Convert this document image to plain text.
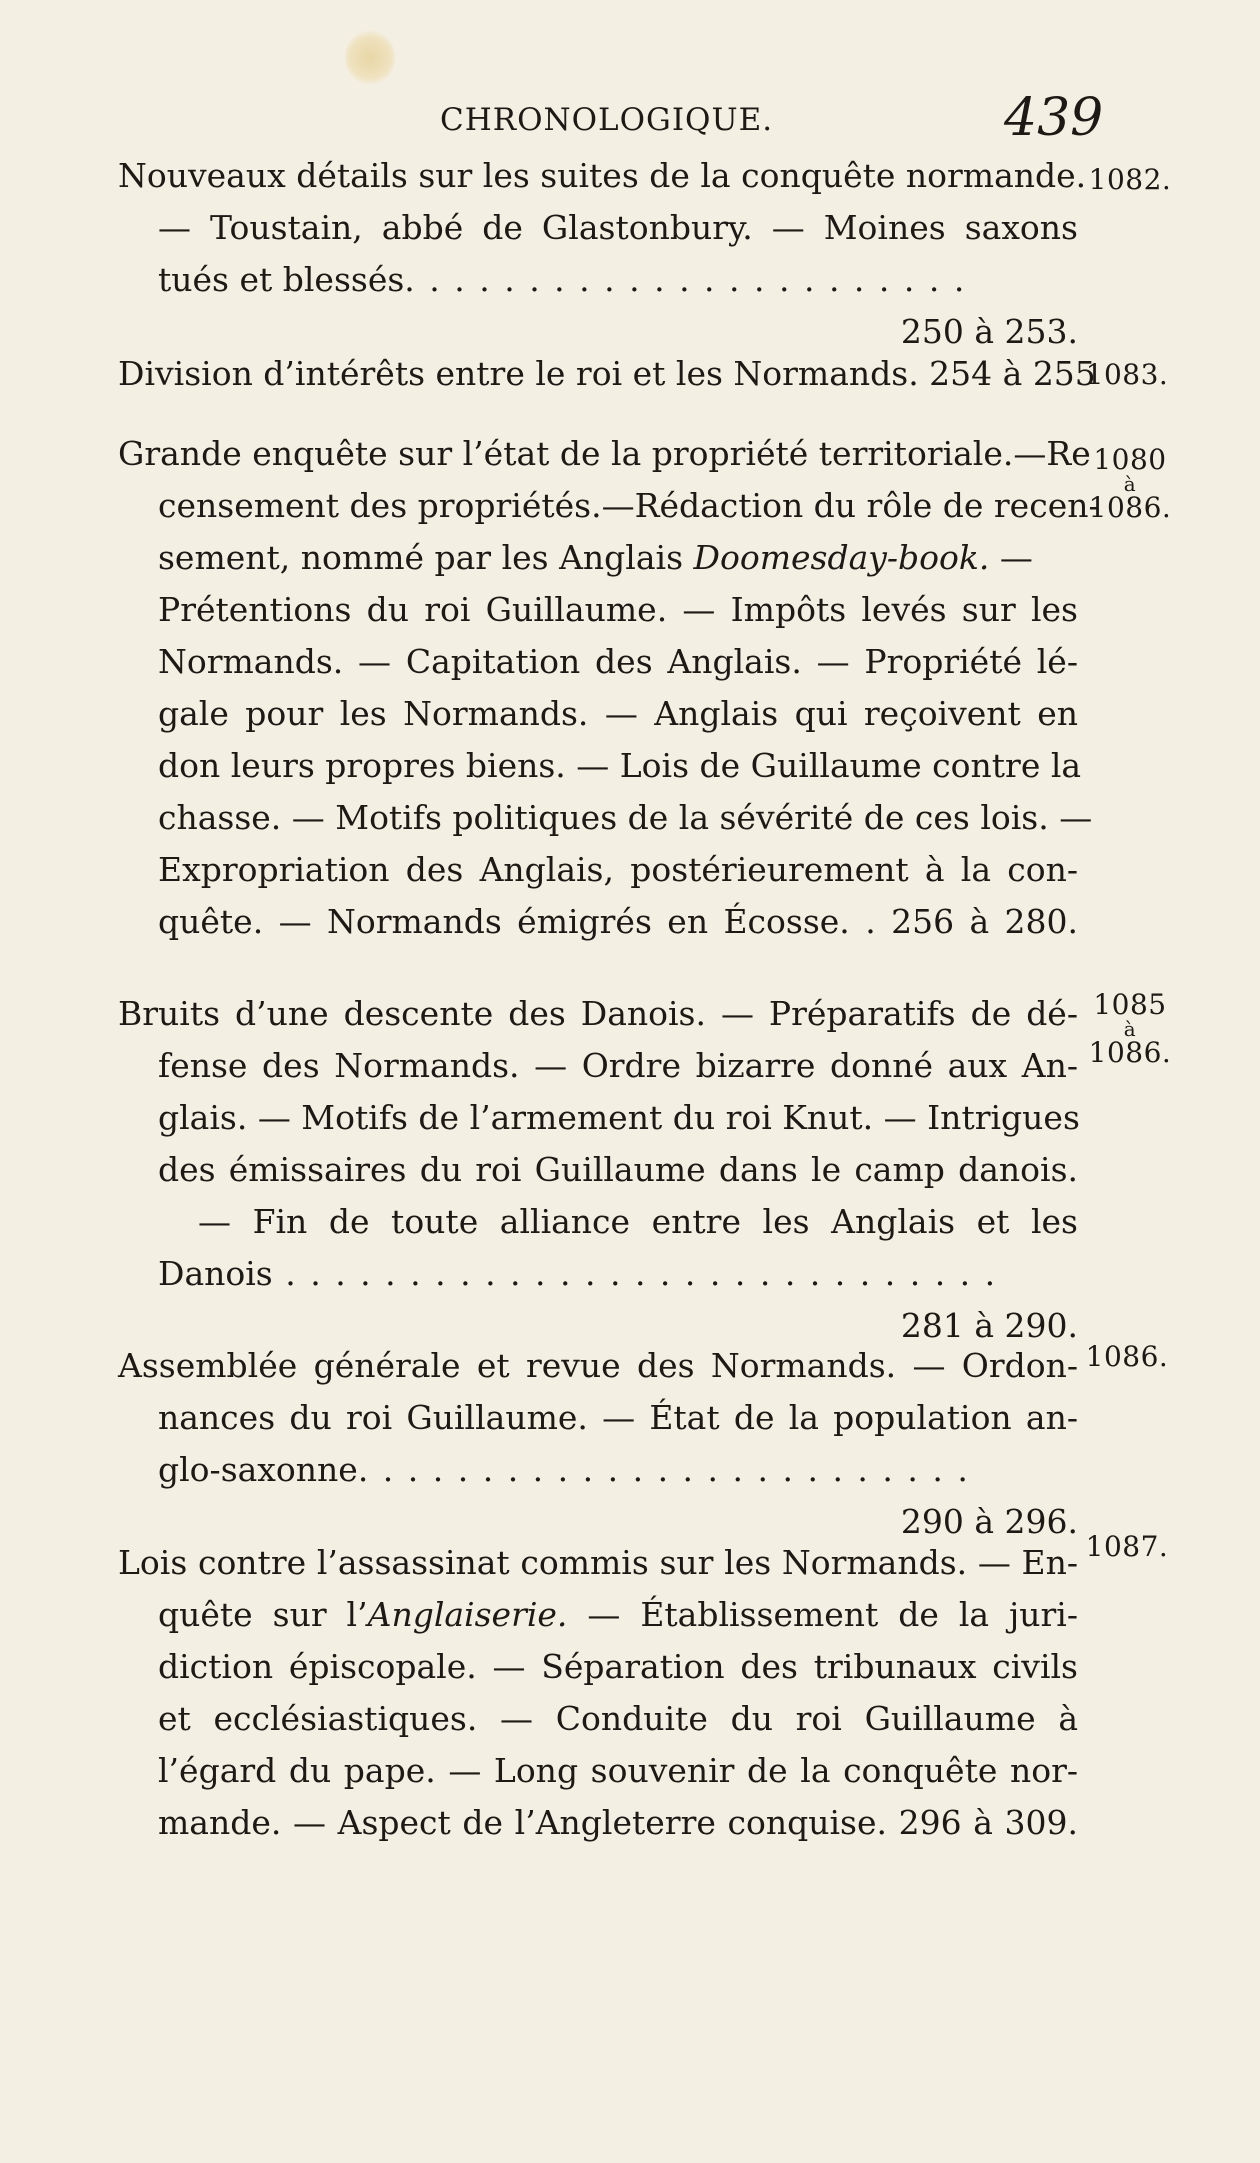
CHRONOLOGIQUE.	439

Nouveaux détails sur les suites de la conquête normande.
— Toustain, abbé de Glastonbury. — Moines saxons
tués et blessés. . . . . . . . . . . . . . . . . . . . . . .
250 à 253.

1082.

Division d’intérêts entre le roi et les Normands. 254 à 255

1083.

Grande enquête sur l’état de la propriété territoriale.—Re
censement des propriétés.—Rédaction du rôle de recen-
sement, nommé par les Anglais Doomesday-book. —
Prétentions du roi Guillaume. — Impôts levés sur les
Normands. — Capitation des Anglais. — Propriété lé-
gale pour les Normands. — Anglais qui reçoivent en
don leurs propres biens. — Lois de Guillaume contre la
chasse. — Motifs politiques de la sévérité de ces lois. —
Expropriation des Anglais, postérieurement à la con-
quête. — Normands émigrés en Écosse. . 256 à 280.

1080
à
1086.

Bruits d’une descente des Danois. — Préparatifs de dé-
fense des Normands. — Ordre bizarre donné aux An-
glais. — Motifs de l’armement du roi Knut. — Intrigues
des émissaires du roi Guillaume dans le camp danois.
— Fin de toute alliance entre les Anglais et les
Danois . . . . . . . . . . . . . . . . . . . . . . . . . . . . .
281 à 290.

1085
à
1086.

Assemblée générale et revue des Normands. — Ordon-
nances du roi Guillaume. — État de la population an-
glo-saxonne. . . . . . . . . . . . . . . . . . . . . . . . .
290 à 296.

1086.

Lois contre l’assassinat commis sur les Normands. — En-
quête sur l’Anglaiserie. — Établissement de la juri-
diction épiscopale. — Séparation des tribunaux civils
et ecclésiastiques. — Conduite du roi Guillaume à
l’égard du pape. — Long souvenir de la conquête nor-
mande. — Aspect de l’Angleterre conquise. 296 à 309.

1087.
